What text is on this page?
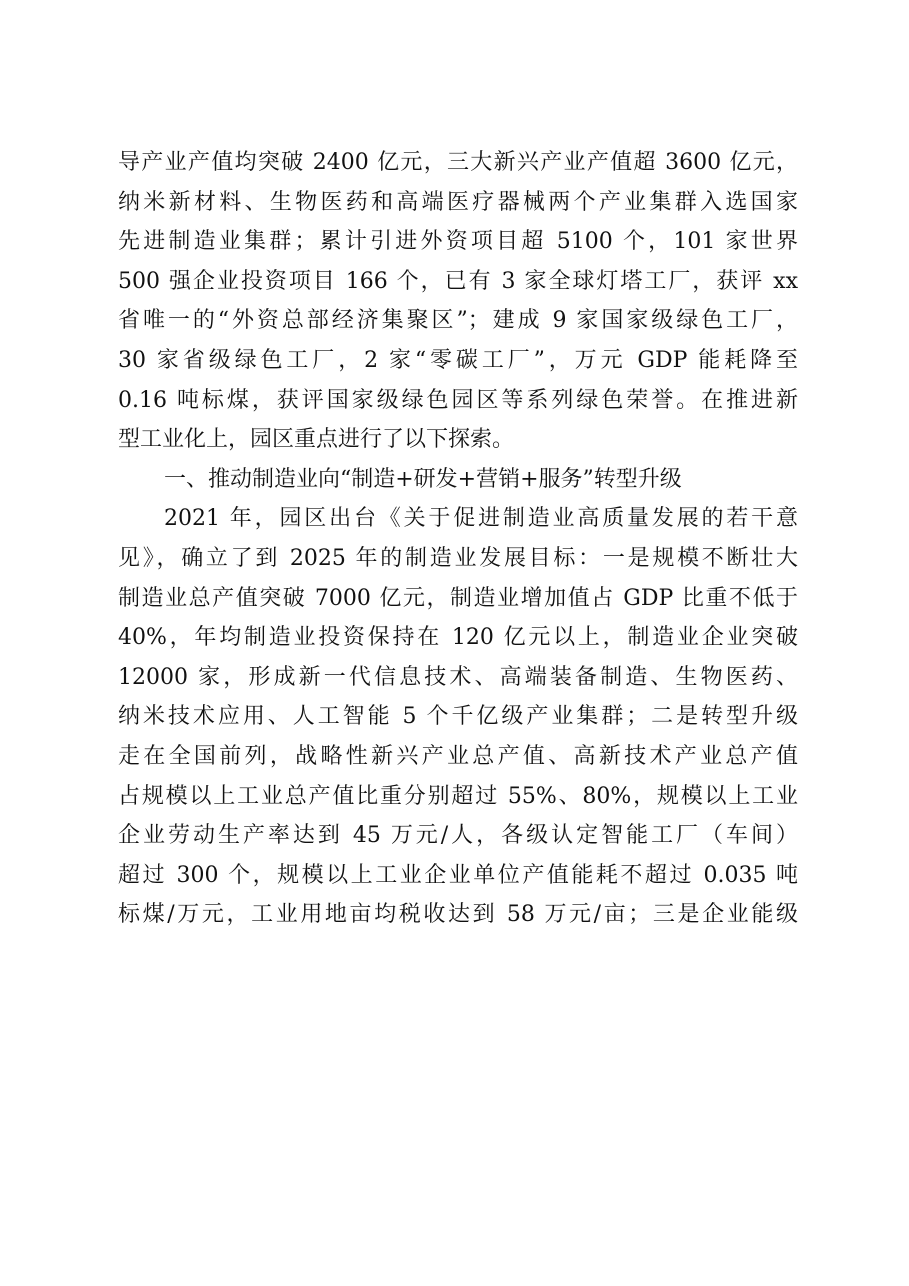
导产业产值均突破 2400 亿元，三大新兴产业产值超 3600 亿元，
纳米新材料、生物医药和高端医疗器械两个产业集群入选国家
先进制造业集群；累计引进外资项目超 5100 个，101 家世界
500 强企业投资项目 166 个，已有 3 家全球灯塔工厂，获评 xx
省唯一的“外资总部经济集聚区”；建成 9 家国家级绿色工厂，
30 家省级绿色工厂，2 家“零碳工厂”，万元 GDP 能耗降至
0.16 吨标煤，获评国家级绿色园区等系列绿色荣誉。在推进新
型工业化上，园区重点进行了以下探索。
一、推动制造业向“制造+研发+营销+服务”转型升级
2021 年，园区出台《关于促进制造业高质量发展的若干意
见》，确立了到 2025 年的制造业发展目标：一是规模不断壮大
制造业总产值突破 7000 亿元，制造业增加值占 GDP 比重不低于
40%，年均制造业投资保持在 120 亿元以上，制造业企业突破
12000 家，形成新一代信息技术、高端装备制造、生物医药、
纳米技术应用、人工智能 5 个千亿级产业集群；二是转型升级
走在全国前列，战略性新兴产业总产值、高新技术产业总产值
占规模以上工业总产值比重分别超过 55%、80%，规模以上工业
企业劳动生产率达到 45 万元/人，各级认定智能工厂（车间）
超过 300 个，规模以上工业企业单位产值能耗不超过 0.035 吨
标煤/万元，工业用地亩均税收达到 58 万元/亩；三是企业能级
